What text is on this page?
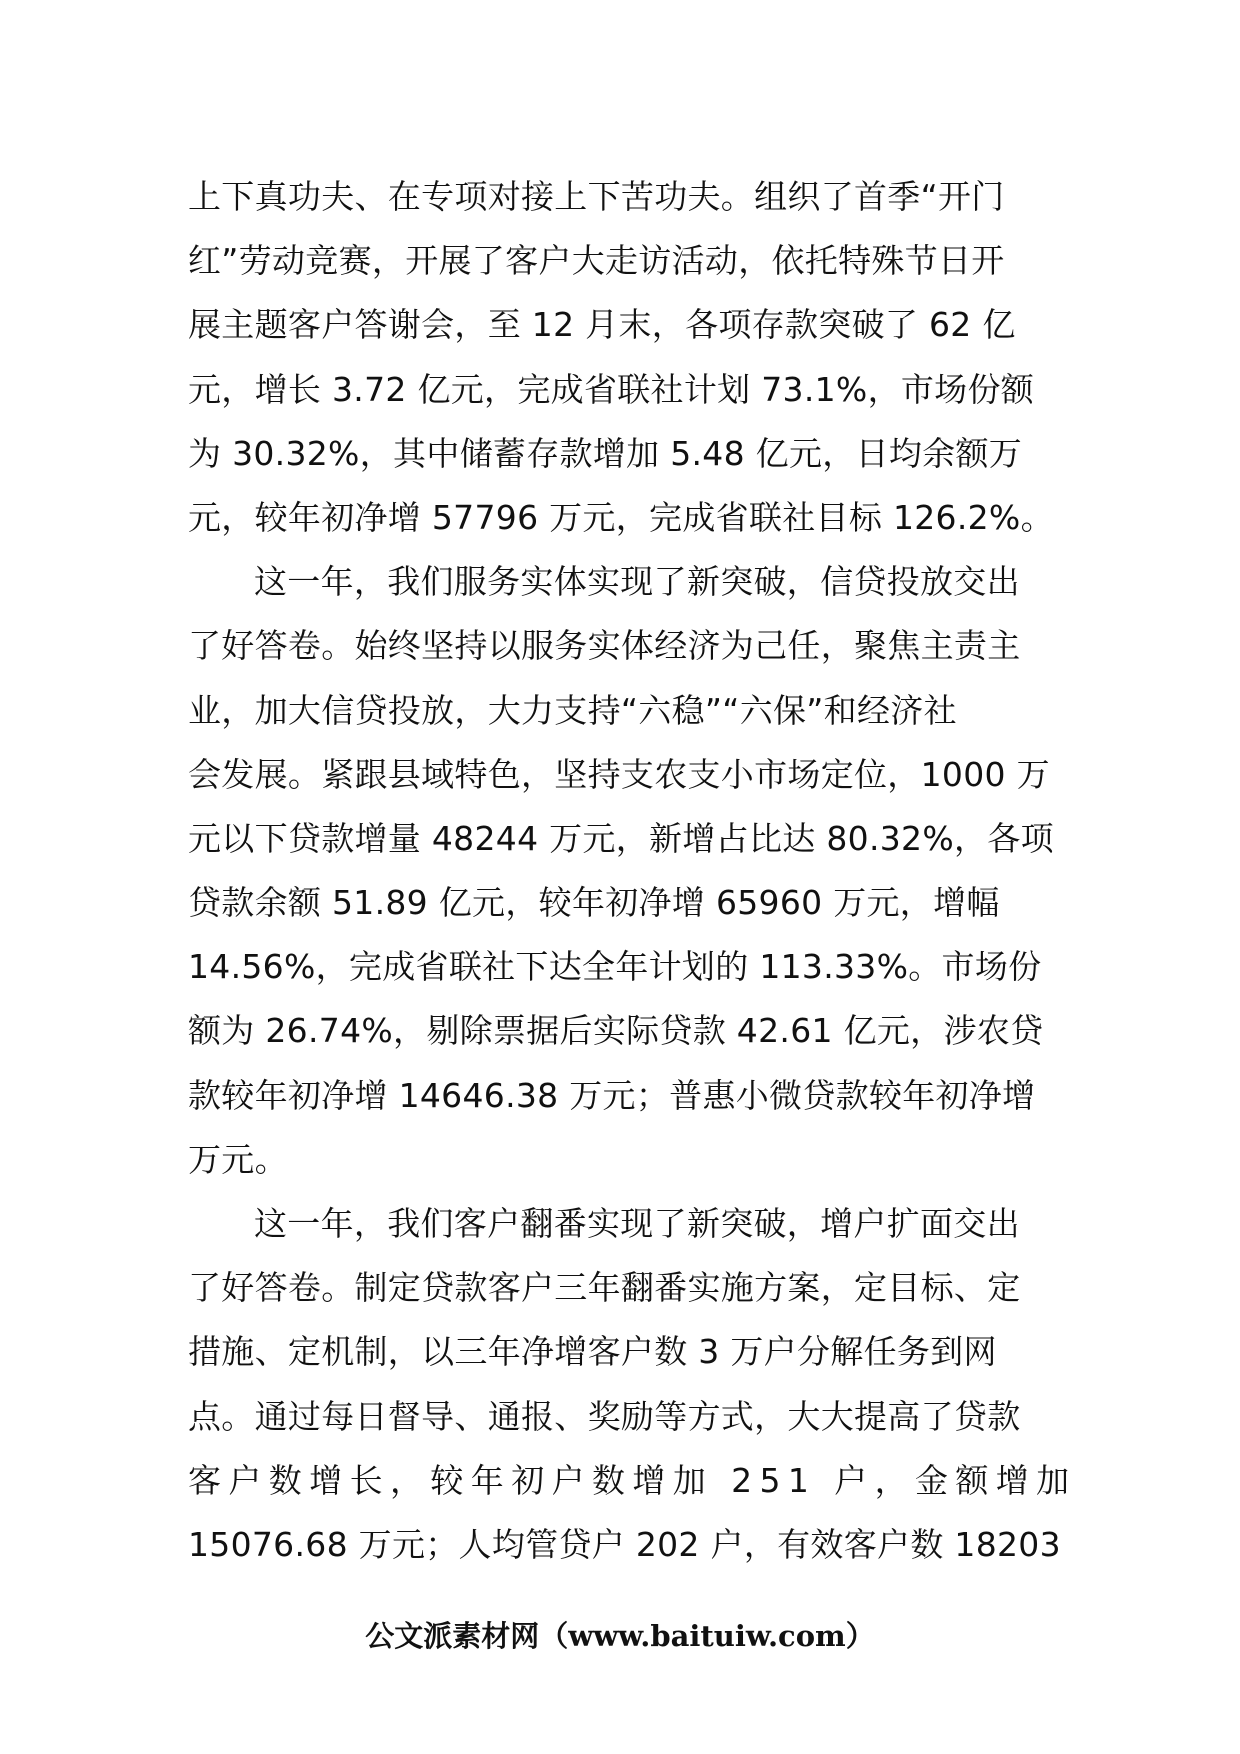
上下真功夫、在专项对接上下苦功夫。组织了首季“开门
红”劳动竞赛，开展了客户大走访活动，依托特殊节日开
展主题客户答谢会，至 12 月末，各项存款突破了 62 亿
元，增长 3.72 亿元，完成省联社计划 73.1%，市场份额
为 30.32%，其中储蓄存款增加 5.48 亿元，日均余额万
元，较年初净增 57796 万元，完成省联社目标 126.2%。
这一年，我们服务实体实现了新突破，信贷投放交出
了好答卷。始终坚持以服务实体经济为己任，聚焦主责主
业，加大信贷投放，大力支持“六稳”“六保”和经济社
会发展。紧跟县域特色，坚持支农支小市场定位，1000 万
元以下贷款增量 48244 万元，新增占比达 80.32%，各项
贷款余额 51.89 亿元，较年初净增 65960 万元，增幅
14.56%，完成省联社下达全年计划的 113.33%。市场份
额为 26.74%，剔除票据后实际贷款 42.61 亿元，涉农贷
款较年初净增 14646.38 万元；普惠小微贷款较年初净增
万元。
这一年，我们客户翻番实现了新突破，增户扩面交出
了好答卷。制定贷款客户三年翻番实施方案，定目标、定
措施、定机制，以三年净增客户数 3 万户分解任务到网
点。通过每日督导、通报、奖励等方式，大大提高了贷款
客户数增长，较年初户数增加 251 户，金额增加
15076.68 万元；人均管贷户 202 户，有效客户数 18203
公文派素材网（www.baituiw.com）
